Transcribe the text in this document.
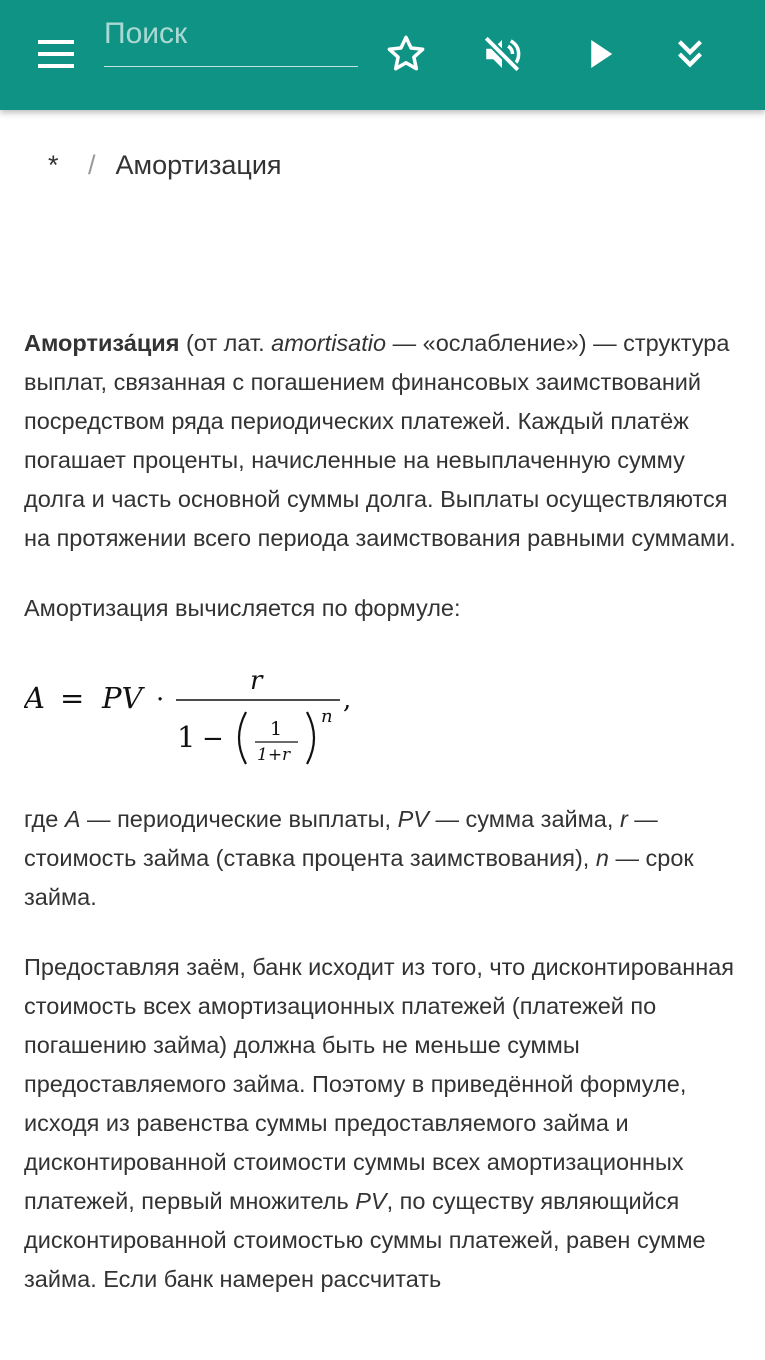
Поиск
*	/ Амортизация

Амортиза́ция (от лат. amortisatio — «ослабление») — структура выплат, связанная с погашением финансовых заимствований посредством ряда периодических платежей. Каждый платёж погашает проценты, начисленные на невыплаченную сумму долга и часть основной суммы долга. Выплаты осуществляются на протяжении всего периода заимствования равными суммами.

Амортизация вычисляется по формуле:

A = PV ·
r
1 − 1
1+r
n
,

где A — периодические выплаты, PV — сумма займа, r — стоимость займа (ставка процента заимствования), n — срок займа.

Предоставляя заём, банк исходит из того, что дисконтированная стоимость всех амортизационных платежей (платежей по погашению займа) должна быть не меньше суммы предоставляемого займа. Поэтому в приведённой формуле, исходя из равенства суммы предоставляемого займа и дисконтированной стоимости суммы всех амортизационных платежей, первый множитель PV, по существу являющийся дисконтированной стоимостью суммы платежей, равен сумме займа. Если банк намерен рассчитать
